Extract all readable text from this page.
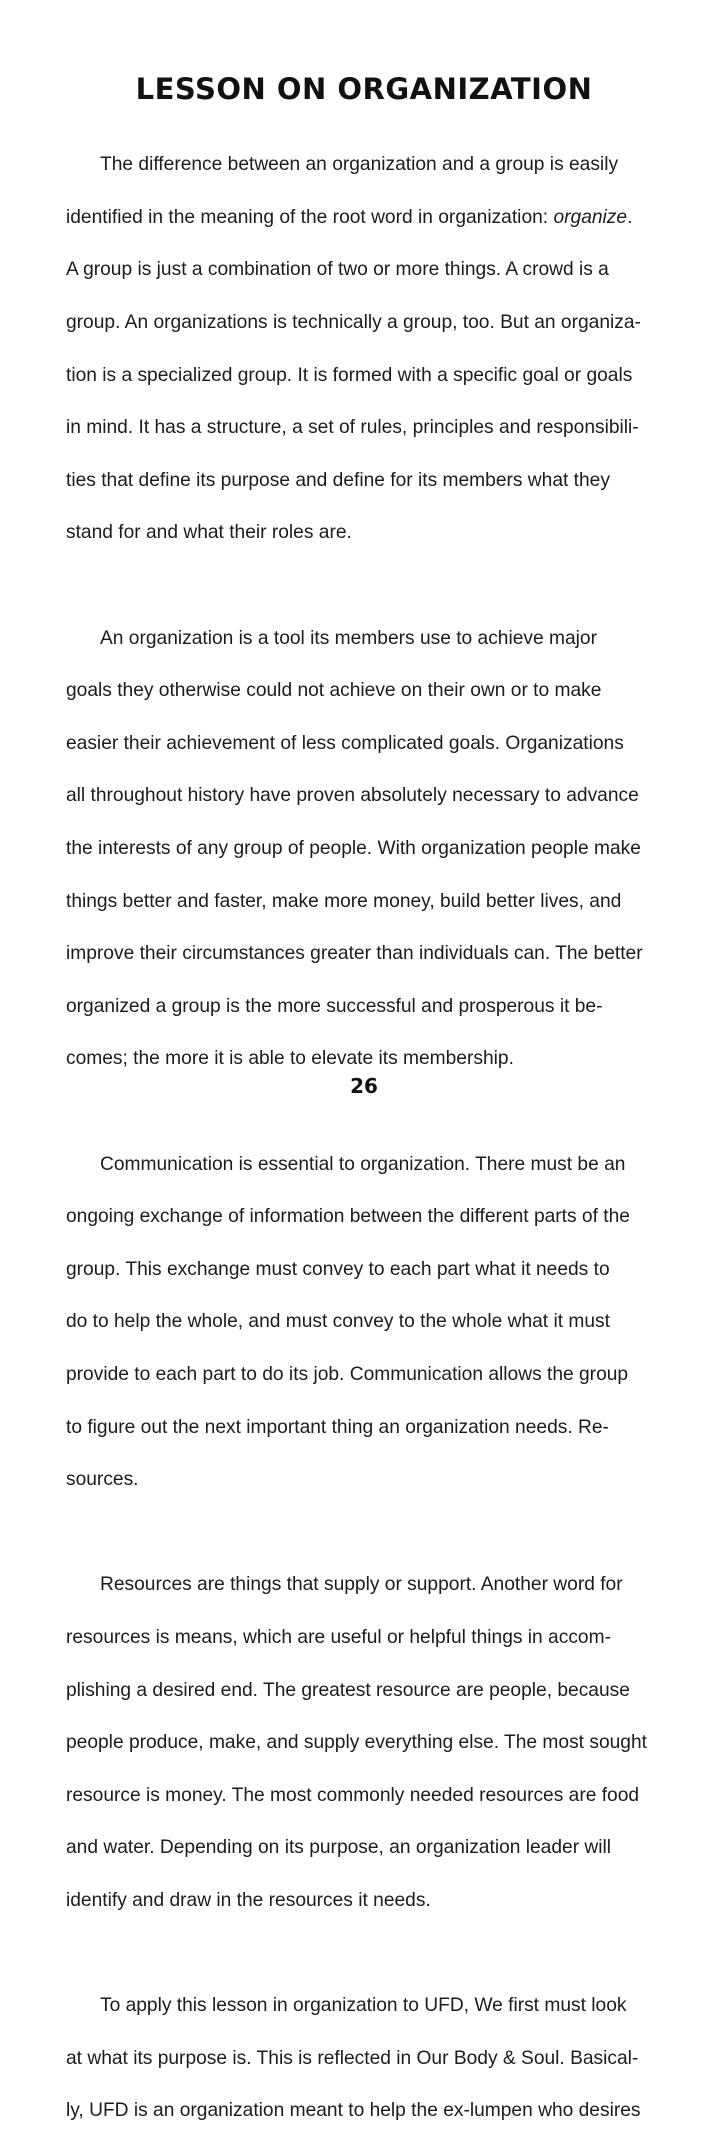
LESSON ON ORGANIZATION

The difference between an organization and a group is easily

identified in the meaning of the root word in organization: organize.

A group is just a combination of two or more things. A crowd is a

group. An organizations is technically a group, too. But an organiza-

tion is a specialized group. It is formed with a specific goal or goals

in mind. It has a structure, a set of rules, principles and responsibili-

ties that define its purpose and define for its members what they

stand for and what their roles are.

An organization is a tool its members use to achieve major

goals they otherwise could not achieve on their own or to make

easier their achievement of less complicated goals. Organizations

all throughout history have proven absolutely necessary to advance

the interests of any group of people. With organization people make

things better and faster, make more money, build better lives, and

improve their circumstances greater than individuals can. The better

organized a group is the more successful and prosperous it be-

comes; the more it is able to elevate its membership.

Communication is essential to organization. There must be an

ongoing exchange of information between the different parts of the

group. This exchange must convey to each part what it needs to

do to help the whole, and must convey to the whole what it must

provide to each part to do its job. Communication allows the group

to figure out the next important thing an organization needs. Re-

sources.

Resources are things that supply or support. Another word for

resources is means, which are useful or helpful things in accom-

plishing a desired end. The greatest resource are people, because

people produce, make, and supply everything else. The most sought

resource is money. The most commonly needed resources are food

and water. Depending on its purpose, an organization leader will

identify and draw in the resources it needs.

To apply this lesson in organization to UFD, We first must look

at what its purpose is. This is reflected in Our Body & Soul. Basical-

ly, UFD is an organization meant to help the ex-lumpen who desires

26
